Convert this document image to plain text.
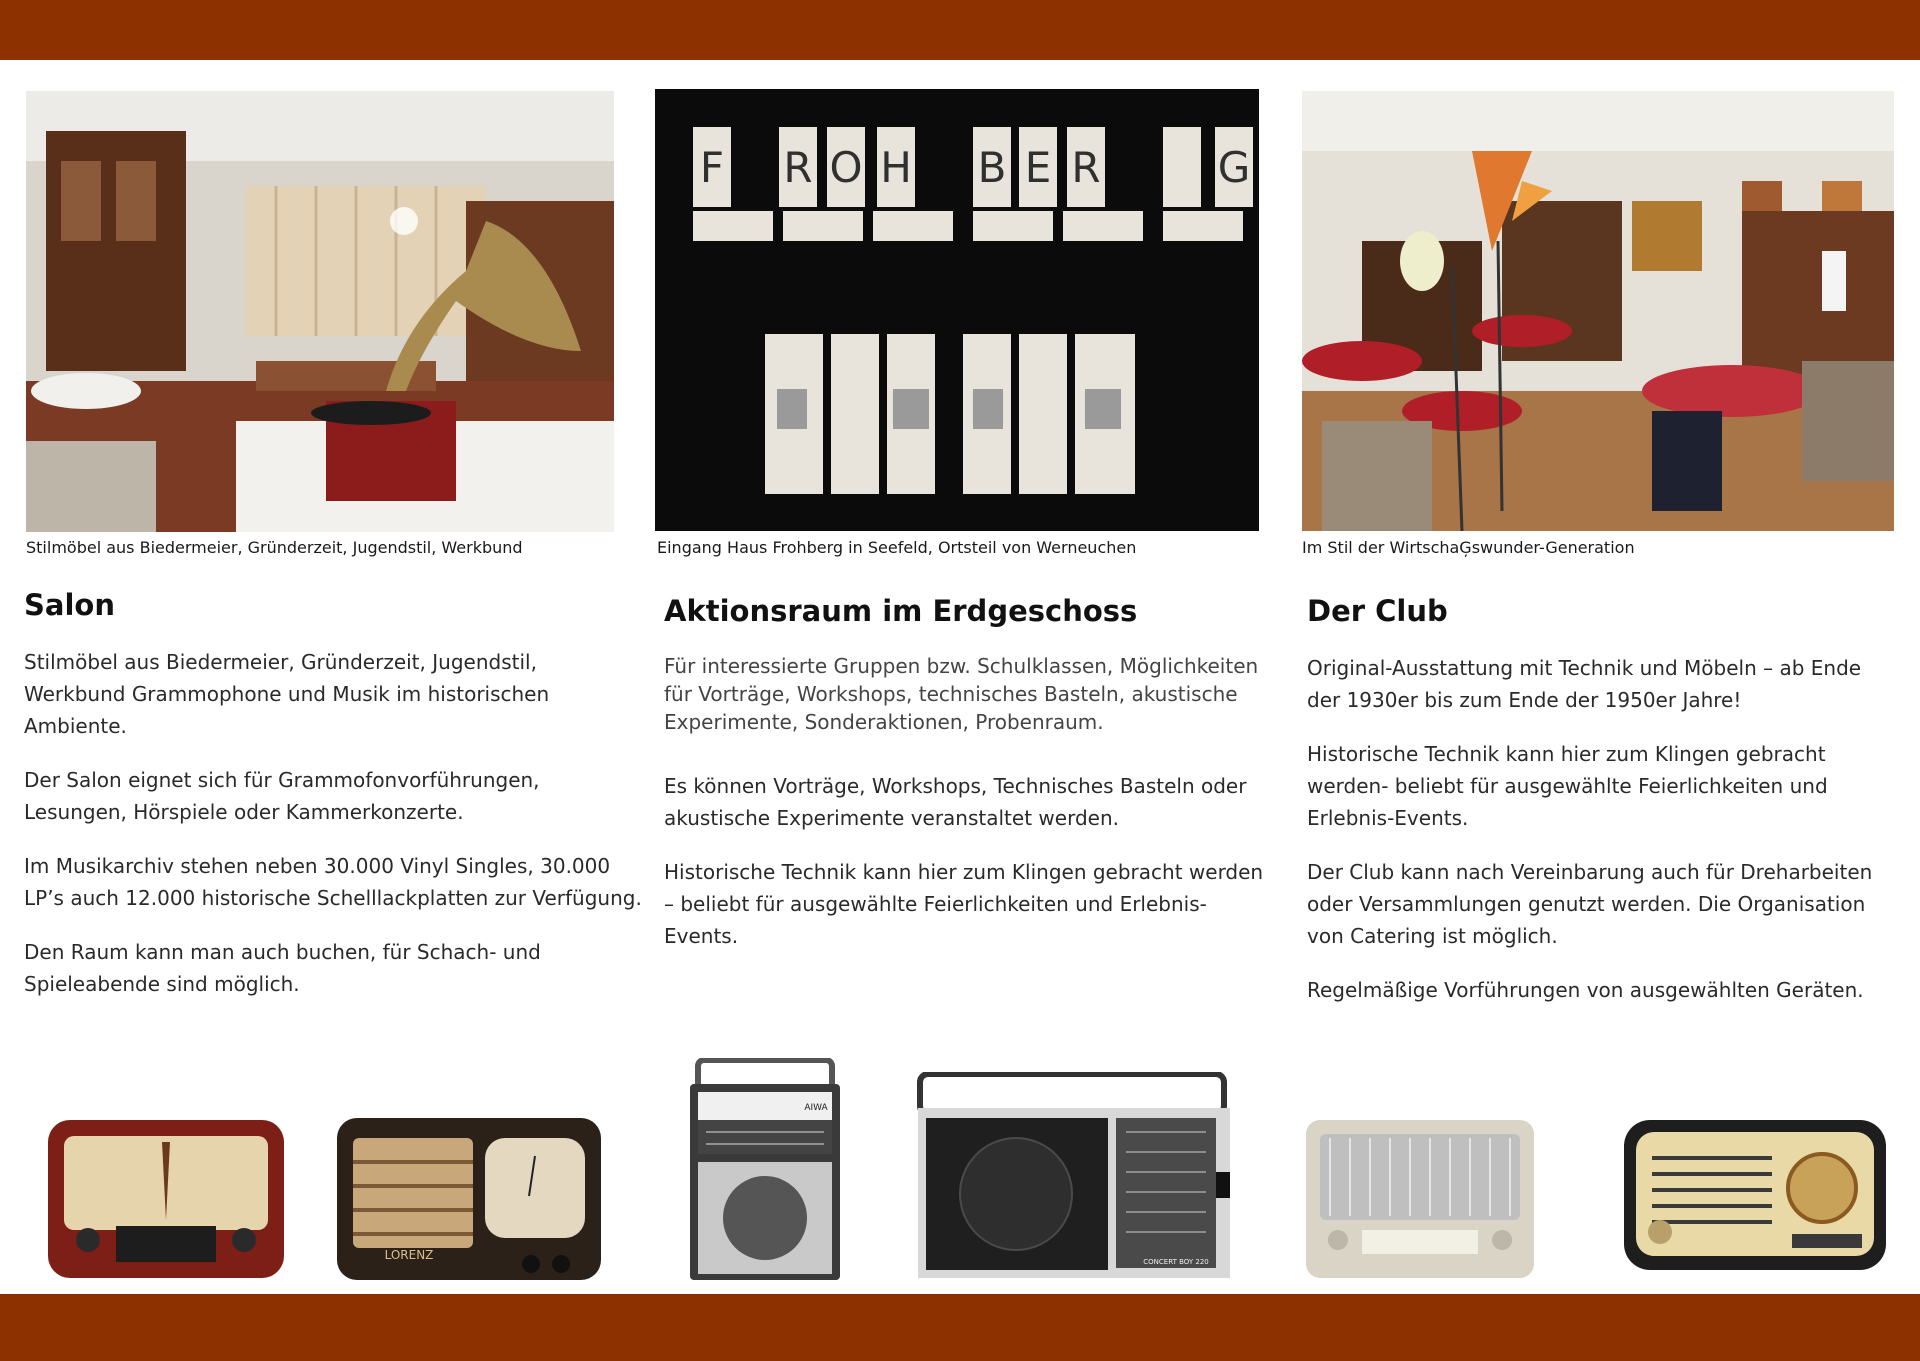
Stilmöbel aus Biedermeier, Gründerzeit, Jugendstil, Werkbund
F R O H B E R	G
Eingang Haus Frohberg in Seefeld, Ortsteil von Werneuchen	Im Stil der WirtschaĢswunder-Generation
Salon

Stilmöbel aus Biedermeier, Gründerzeit, Jugendstil, Werkbund Grammophone und Musik im historischen Ambiente.

Der Salon eignet sich für Grammofonvorführungen, Lesungen, Hörspiele oder Kammerkonzerte.

Im Musikarchiv stehen neben 30.000 Vinyl Singles, 30.000 LP’s auch 12.000 historische Schelllackplatten zur Verfügung.

Den Raum kann man auch buchen, für Schach- und Spieleabende sind möglich.

Aktionsraum im Erdgeschoss

Für interessierte Gruppen bzw. Schulklassen, Möglichkeiten für Vorträge, Workshops, technisches Basteln, akustische Experimente, Sonderaktionen, Probenraum.

Es können Vorträge, Workshops, Technisches Basteln oder akustische Experimente veranstaltet werden.

Historische Technik kann hier zum Klingen gebracht werden – beliebt für ausgewählte Feierlichkeiten und Erlebnis-Events.

Der Club

Original-Ausstattung mit Technik und Möbeln – ab Ende der 1930er bis zum Ende der 1950er Jahre!

Historische Technik kann hier zum Klingen gebracht werden- beliebt für ausgewählte Feierlichkeiten und Erlebnis-Events.

Der Club kann nach Vereinbarung auch für Dreharbeiten oder Versammlungen genutzt werden. Die Organisation von Catering ist möglich.

Regelmäßige Vorführungen von ausgewählten Geräten.

LORENZ
AIWA
CONCERT BOY 220
